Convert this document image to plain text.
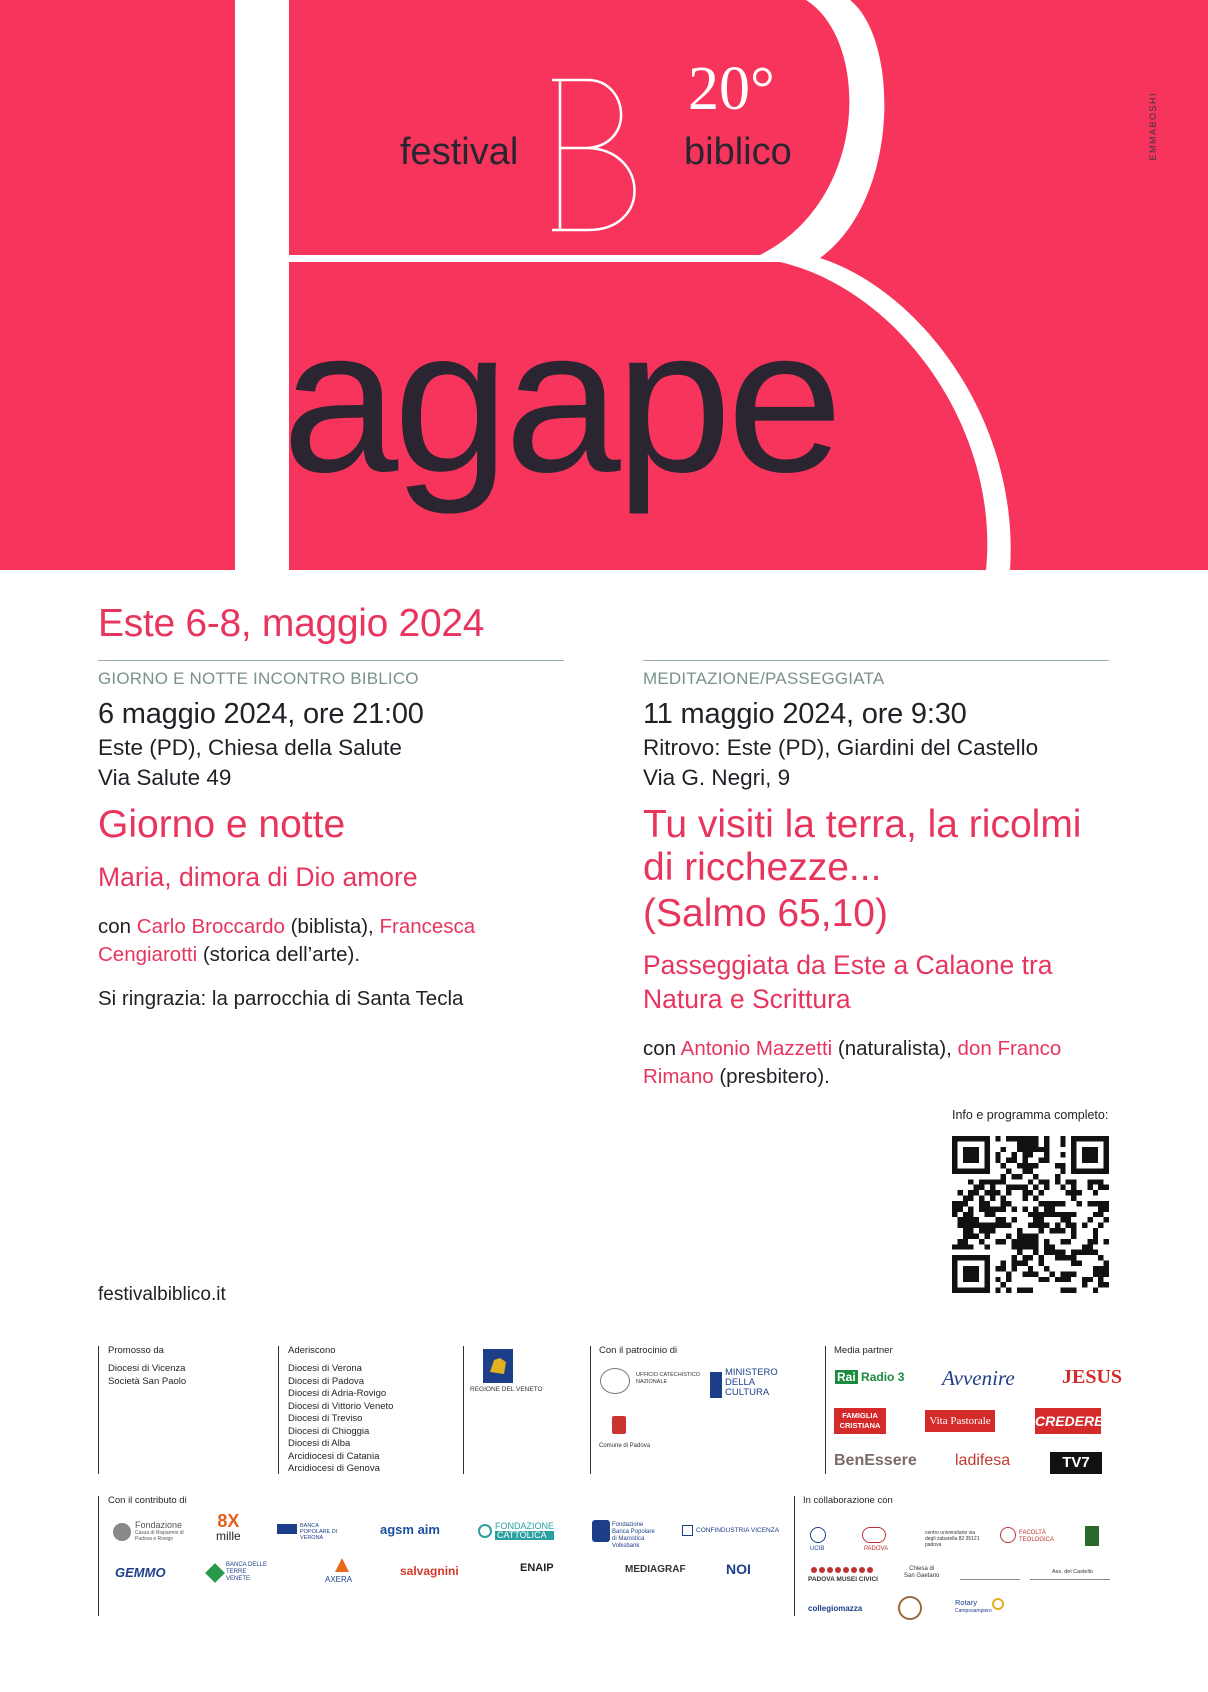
festival
20°
biblico
agape
EMMABOSHI
Este 6-8, maggio 2024
GIORNO E NOTTE INCONTRO BIBLICO
6 maggio 2024, ore 21:00
Este (PD), Chiesa della Salute
Via Salute 49
Giorno e notte
Maria, dimora di Dio amore
con Carlo Broccardo (biblista), Francesca
Cengiarotti (storica dell’arte).
Si ringrazia: la parrocchia di Santa Tecla
MEDITAZIONE/PASSEGGIATA
11 maggio 2024, ore 9:30
Ritrovo: Este (PD), Giardini del Castello
Via G. Negri, 9
Tu visiti la terra, la ricolmi
di ricchezze...
(Salmo 65,10)
Passeggiata da Este a Calaone tra
Natura e Scrittura
con Antonio Mazzetti (naturalista), don Franco
Rimano (presbitero).
Info e programma completo:
festivalbiblico.it
Promosso da
Diocesi di Vicenza
Società San Paolo
Aderiscono
Diocesi di Verona
Diocesi di Padova
Diocesi di Adria-Rovigo
Diocesi di Vittorio Veneto
Diocesi di Treviso
Diocesi di Chioggia
Diocesi di Alba
Arcidiocesi di Catania
Arcidiocesi di Genova
REGIONE DEL VENETO
Con il patrocinio di
UFFICIO CATECHISTICO NAZIONALE
MINISTERO
DELLA
CULTURA
Comune di Padova
Media partner
Rai Radio 3 Avvenire JESUS
FAMIGLIA
CRISTIANA	Vita Pastorale	CREDERE
BenEssere ladifesa	TV7
Con il contributo di
Fondazione
Cassa di Risparmio di Padova e Rovigo
8X
mille
BANCA POPOLARE DI VERONA
agsm aim	FONDAZIONE
CATTOLICA
Fondazione Banca Popolare di Marostica Volksbank
CONFINDUSTRIA VICENZA
GEMMO	BANCA DELLE TERRE VENETE	AXERA
salvagnini	ENAIP	MEDIAGRAF	NOI
In collaborazione con
UCIB	PADOVA
centro universitario via degli zabarella 82 35121 padova
FACOLTÀ
TEOLOGICA
PADOVA MUSEI CIVICI
Chiesa di
San Gaetano
Ass. del Castello
collegiomazza
Rotary
Camposampiero
